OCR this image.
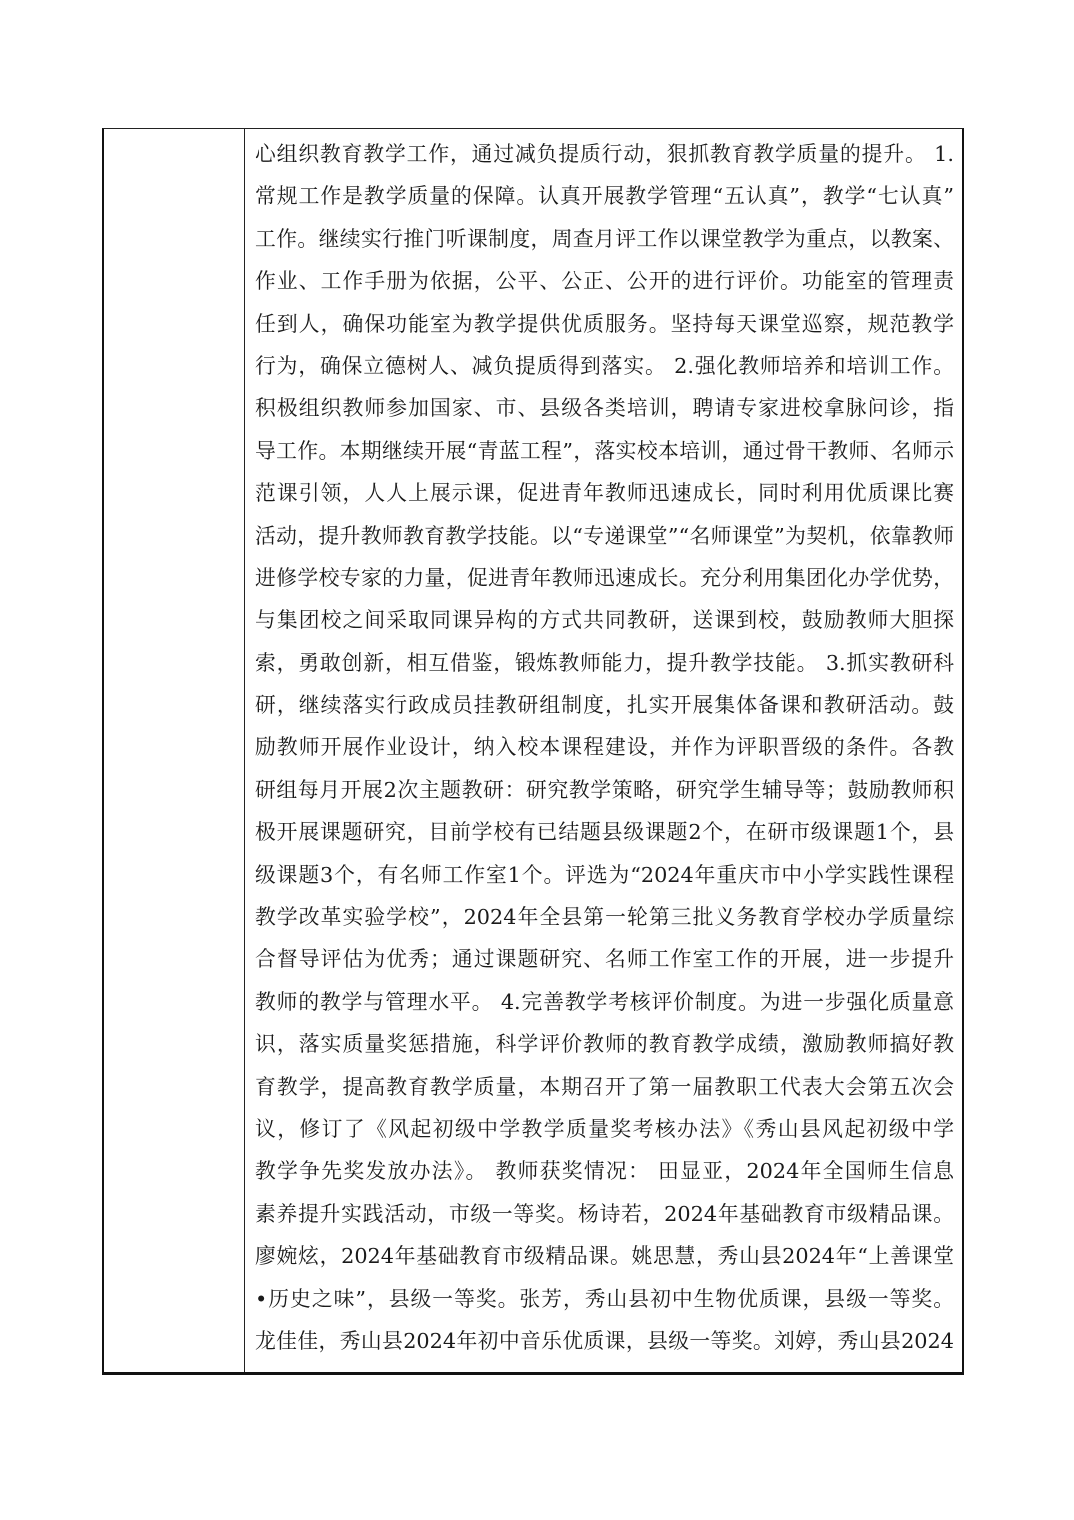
心组织教育教学工作，通过减负提质行动，狠抓教育教学质量的提升。 1.
常规工作是教学质量的保障。认真开展教学管理“五认真”，教学“七认真”
工作。继续实行推门听课制度，周查月评工作以课堂教学为重点，以教案、
作业、工作手册为依据，公平、公正、公开的进行评价。功能室的管理责
任到人，确保功能室为教学提供优质服务。坚持每天课堂巡察，规范教学
行为，确保立德树人、减负提质得到落实。 2.强化教师培养和培训工作。
积极组织教师参加国家、市、县级各类培训，聘请专家进校拿脉问诊，指
导工作。本期继续开展“青蓝工程”，落实校本培训，通过骨干教师、名师示
范课引领，人人上展示课，促进青年教师迅速成长，同时利用优质课比赛
活动，提升教师教育教学技能。以“专递课堂”“名师课堂”为契机，依靠教师
进修学校专家的力量，促进青年教师迅速成长。充分利用集团化办学优势，
与集团校之间采取同课异构的方式共同教研，送课到校，鼓励教师大胆探
索，勇敢创新，相互借鉴，锻炼教师能力，提升教学技能。 3.抓实教研科
研，继续落实行政成员挂教研组制度，扎实开展集体备课和教研活动。鼓
励教师开展作业设计，纳入校本课程建设，并作为评职晋级的条件。各教
研组每月开展2次主题教研：研究教学策略，研究学生辅导等；鼓励教师积
极开展课题研究，目前学校有已结题县级课题2个，在研市级课题1个，县
级课题3个，有名师工作室1个。评选为“2024年重庆市中小学实践性课程
教学改革实验学校”，2024年全县第一轮第三批义务教育学校办学质量综
合督导评估为优秀；通过课题研究、名师工作室工作的开展，进一步提升
教师的教学与管理水平。 4.完善教学考核评价制度。为进一步强化质量意
识，落实质量奖惩措施，科学评价教师的教育教学成绩，激励教师搞好教
育教学，提高教育教学质量，本期召开了第一届教职工代表大会第五次会
议，修订了《风起初级中学教学质量奖考核办法》《秀山县风起初级中学
教学争先奖发放办法》。 教师获奖情况： 田显亚，2024年全国师生信息
素养提升实践活动，市级一等奖。杨诗若，2024年基础教育市级精品课。
廖婉炫，2024年基础教育市级精品课。姚思慧，秀山县2024年“上善课堂
•历史之味”，县级一等奖。张芳，秀山县初中生物优质课，县级一等奖。
龙佳佳，秀山县2024年初中音乐优质课，县级一等奖。刘婷，秀山县2024
